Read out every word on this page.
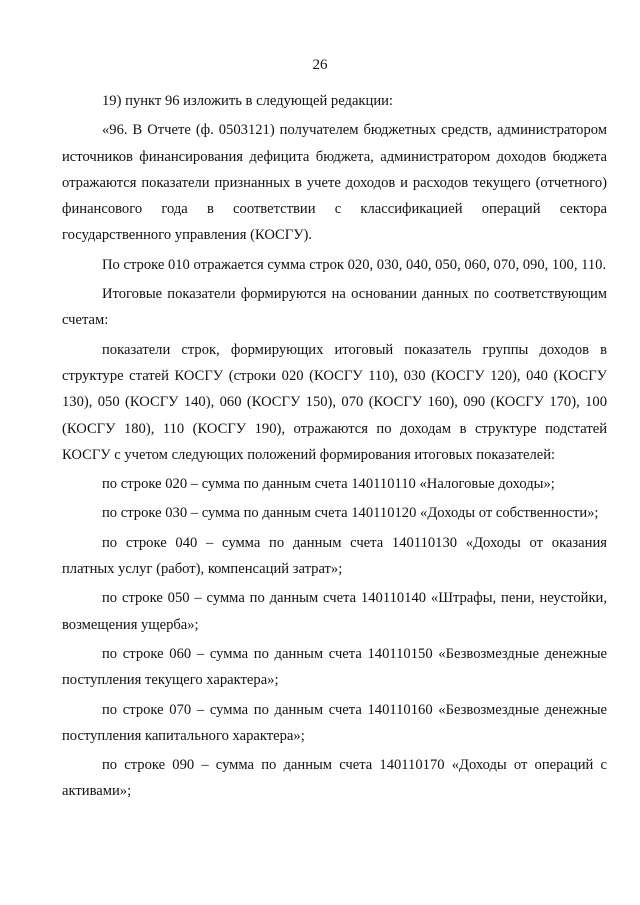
26

19) пункт 96 изложить в следующей редакции:

«96. В Отчете (ф. 0503121) получателем бюджетных средств, администратором источников финансирования дефицита бюджета, администратором доходов бюджета отражаются показатели признанных в учете доходов и расходов текущего (отчетного) финансового года в соответствии с классификацией операций сектора государственного управления (КОСГУ).

По строке 010 отражается сумма строк 020, 030, 040, 050, 060, 070, 090, 100, 110.

Итоговые показатели формируются на основании данных по соответствующим счетам:

показатели строк, формирующих итоговый показатель группы доходов в структуре статей КОСГУ (строки 020 (КОСГУ 110), 030 (КОСГУ 120), 040 (КОСГУ 130), 050 (КОСГУ 140), 060 (КОСГУ 150), 070 (КОСГУ 160), 090 (КОСГУ 170), 100 (КОСГУ 180), 110 (КОСГУ 190), отражаются по доходам в структуре подстатей КОСГУ с учетом следующих положений формирования итоговых показателей:

по строке 020 – сумма по данным счета 140110110 «Налоговые доходы»;

по строке 030 – сумма по данным счета 140110120 «Доходы от собственности»;

по строке 040 – сумма по данным счета 140110130 «Доходы от оказания платных услуг (работ), компенсаций затрат»;

по строке 050 – сумма по данным счета 140110140 «Штрафы, пени, неустойки, возмещения ущерба»;

по строке 060 – сумма по данным счета 140110150 «Безвозмездные денежные поступления текущего характера»;

по строке 070 – сумма по данным счета 140110160 «Безвозмездные денежные поступления капитального характера»;

по строке 090 – сумма по данным счета 140110170 «Доходы от операций с активами»;
